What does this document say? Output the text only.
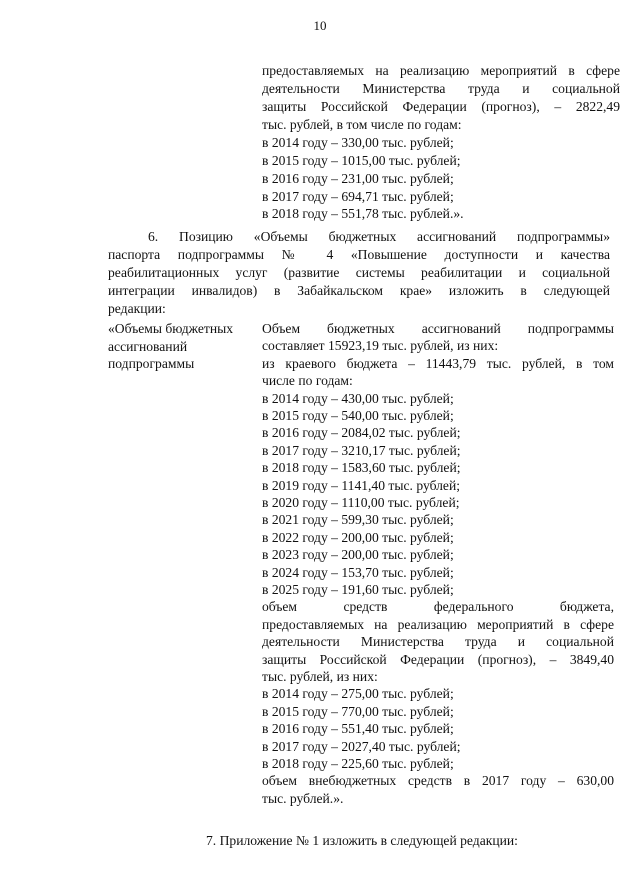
10
предоставляемых на реализацию мероприятий в сфере
деятельности Министерства труда и социальной
защиты Российской Федерации (прогноз), – 2822,49
тыс. рублей, в том числе по годам:
в 2014 году – 330,00 тыс. рублей;
в 2015 году – 1015,00 тыс. рублей;
в 2016 году – 231,00 тыс. рублей;
в 2017 году – 694,71 тыс. рублей;
в 2018 году – 551,78 тыс. рублей.».
6. Позицию «Объемы бюджетных ассигнований подпрограммы»
паспорта подпрограммы № 4 «Повышение доступности и качества
реабилитационных услуг (развитие системы реабилитации и социальной
интеграции инвалидов) в Забайкальском крае» изложить в следующей
редакции:
«Объемы бюджетных
ассигнований
подпрограммы
Объем бюджетных ассигнований подпрограммы
составляет 15923,19 тыс. рублей, из них:
из краевого бюджета – 11443,79 тыс. рублей, в том
числе по годам:
в 2014 году – 430,00 тыс. рублей;
в 2015 году – 540,00 тыс. рублей;
в 2016 году – 2084,02 тыс. рублей;
в 2017 году – 3210,17 тыс. рублей;
в 2018 году – 1583,60 тыс. рублей;
в 2019 году – 1141,40 тыс. рублей;
в 2020 году – 1110,00 тыс. рублей;
в 2021 году – 599,30 тыс. рублей;
в 2022 году – 200,00 тыс. рублей;
в 2023 году – 200,00 тыс. рублей;
в 2024 году – 153,70 тыс. рублей;
в 2025 году – 191,60 тыс. рублей;
объем средств федерального бюджета,
предоставляемых на реализацию мероприятий в сфере
деятельности Министерства труда и социальной
защиты Российской Федерации (прогноз), – 3849,40
тыс. рублей, из них:
в 2014 году – 275,00 тыс. рублей;
в 2015 году – 770,00 тыс. рублей;
в 2016 году – 551,40 тыс. рублей;
в 2017 году – 2027,40 тыс. рублей;
в 2018 году – 225,60 тыс. рублей;
объем внебюджетных средств в 2017 году – 630,00
тыс. рублей.».
7. Приложение № 1 изложить в следующей редакции:
